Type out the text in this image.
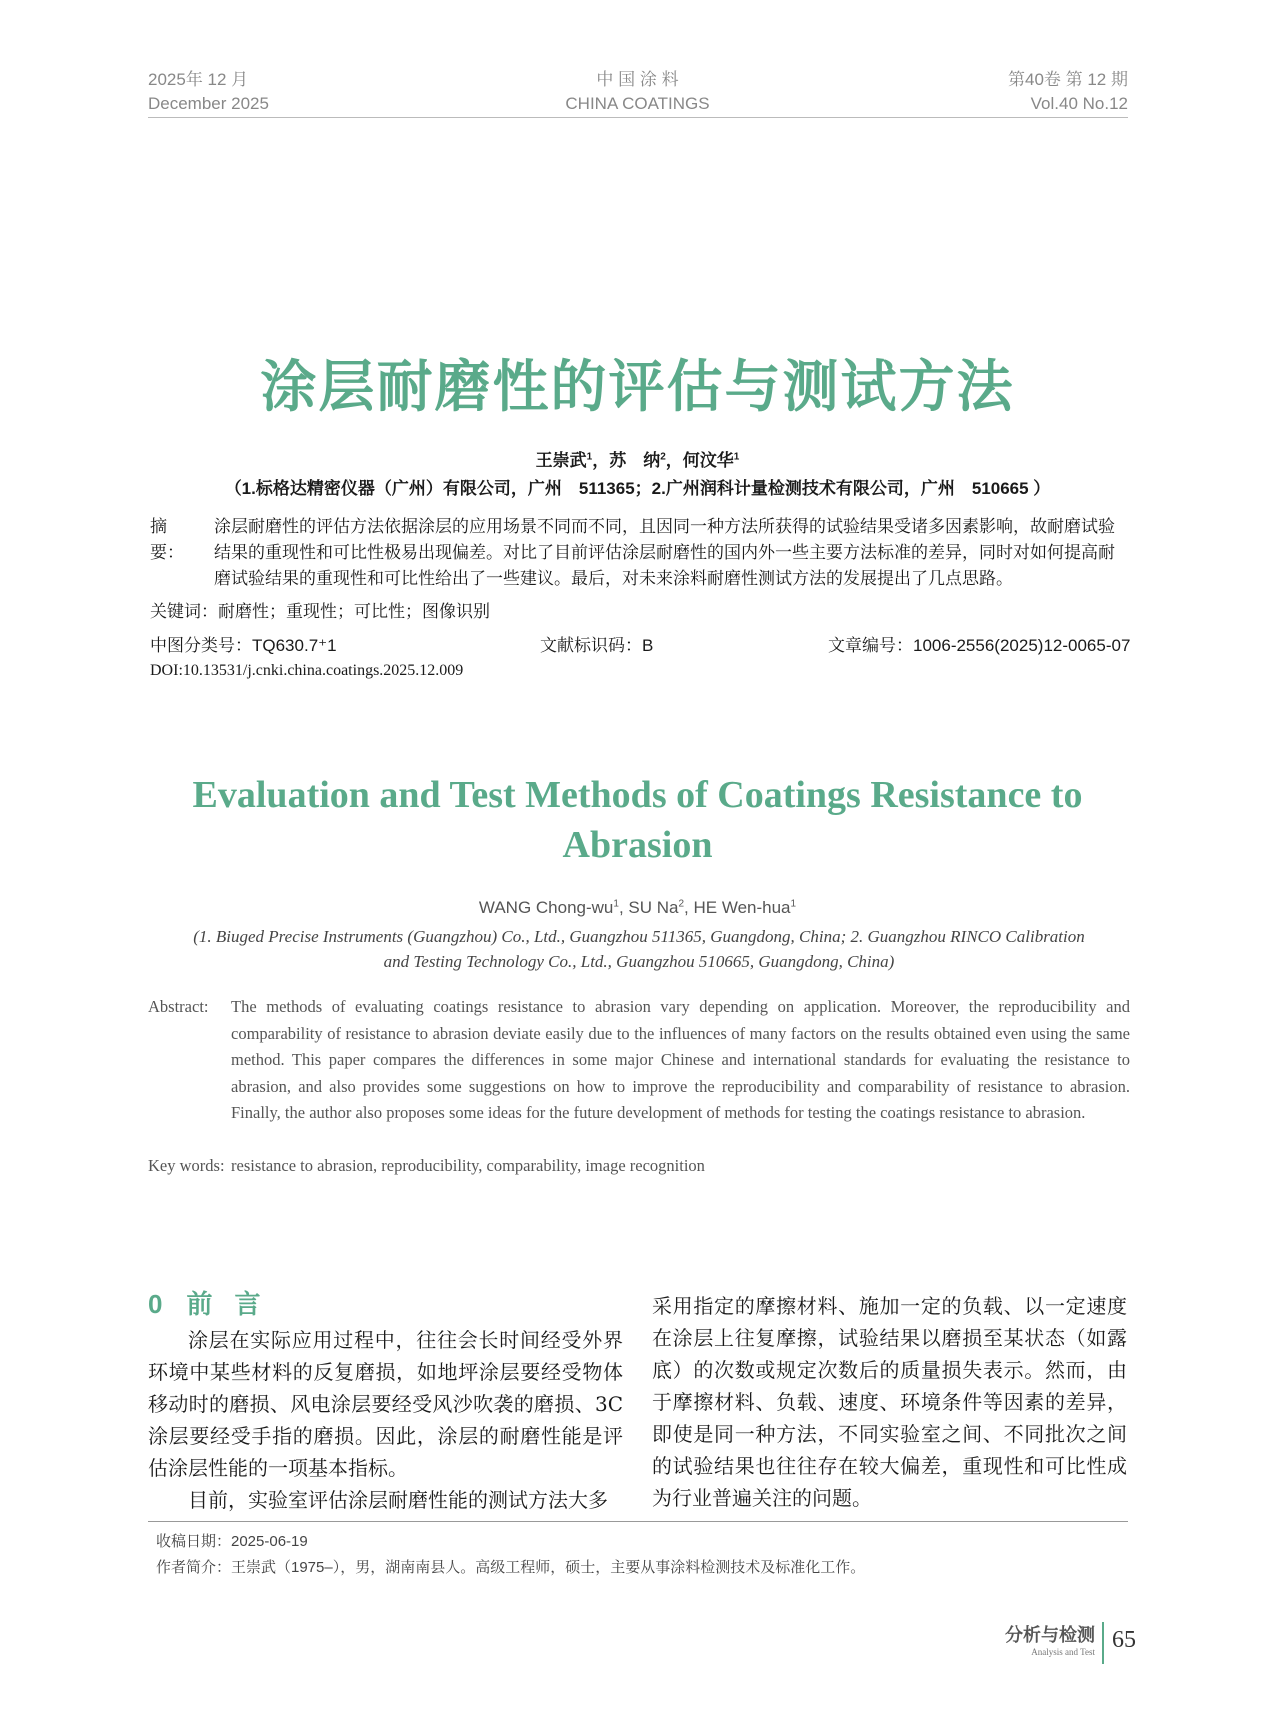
2025年 12 月
December 2025
中 国 涂 料
CHINA COATINGS
第40卷 第 12 期
Vol.40 No.12
涂层耐磨性的评估与测试方法
王崇武$^1$，苏　纳$^2$，何汶华$^1$
（1.标格达精密仪器（广州）有限公司，广州　511365；2.广州润科计量检测技术有限公司，广州　510665 ）
摘　要：
涂层耐磨性的评估方法依据涂层的应用场景不同而不同，且因同一种方法所获得的试验结果受诸多因素影响，故耐磨试验结果的重现性和可比性极易出现偏差。对比了目前评估涂层耐磨性的国内外一些主要方法标准的差异，同时对如何提高耐磨试验结果的重现性和可比性给出了一些建议。最后，对未来涂料耐磨性测试方法的发展提出了几点思路。
关键词：耐磨性；重现性；可比性；图像识别
中图分类号：TQ630.7⁺1	文献标识码：B	文章编号：1006-2556(2025)12-0065-07
DOI:10.13531/j.cnki.china.coatings.2025.12.009
Evaluation and Test Methods of Coatings Resistance to
Abrasion
WANG Chong-$wu^1$, SU Na$^2$, HE Wen-hua$^1$
(1. Biuged Precise Instruments (Guangzhou) Co., Ltd., Guangzhou 511365, Guangdong, China; 2. Guangzhou RINCO Calibration
and Testing Technology Co., Ltd., Guangzhou 510665, Guangdong, China)
Abstract:	The methods of evaluating coatings resistance to abrasion vary depending on application. Moreover, the reproducibility and comparability of resistance to abrasion deviate easily due to the influences of many factors on the results obtained even using the same method. This paper compares the differences in some major Chinese and international standards for evaluating the resistance to abrasion, and also provides some suggestions on how to improve the reproducibility and comparability of resistance to abrasion. Finally, the author also proposes some ideas for the future development of methods for testing the coatings resistance to abrasion.
Key words: resistance to abrasion, reproducibility, comparability, image recognition
0 前言

涂层在实际应用过程中，往往会长时间经受外界环境中某些材料的反复磨损，如地坪涂层要经受物体移动时的磨损、风电涂层要经受风沙吹袭的磨损、3C涂层要经受手指的磨损。因此，涂层的耐磨性能是评估涂层性能的一项基本指标。

目前，实验室评估涂层耐磨性能的测试方法大多

采用指定的摩擦材料、施加一定的负载、以一定速度在涂层上往复摩擦，试验结果以磨损至某状态（如露底）的次数或规定次数后的质量损失表示。然而，由于摩擦材料、负载、速度、环境条件等因素的差异，即使是同一种方法，不同实验室之间、不同批次之间的试验结果也往往存在较大偏差，重现性和可比性成为行业普遍关注的问题。

收稿日期：2025-06-19
作者简介：王崇武（1975–），男，湖南南县人。高级工程师，硕士，主要从事涂料检测技术及标准化工作。
分析与检测
Analysis and Test 65
